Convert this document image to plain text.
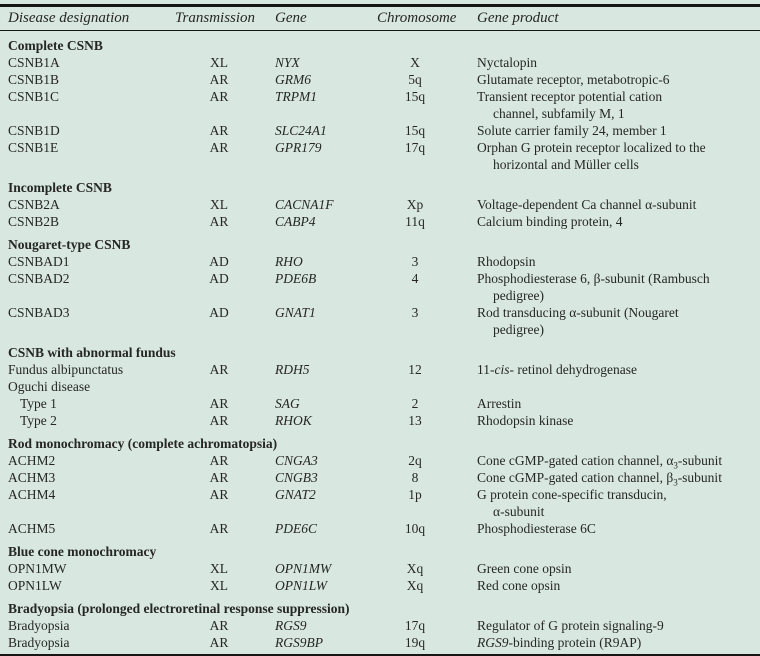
Disease designation	Transmission	Gene	Chromosome	Gene product
Complete CSNB
CSNB1A	XL	NYX	X	Nyctalopin
CSNB1B	AR	GRM6	5q	Glutamate receptor, metabotropic-6
CSNB1C	AR	TRPM1	15q	Transient receptor potential cation
channel, subfamily M, 1
CSNB1D	AR	SLC24A1	15q	Solute carrier family 24, member 1
CSNB1E	AR	GPR179	17q	Orphan G protein receptor localized to the
horizontal and Müller cells
Incomplete CSNB
CSNB2A	XL	CACNA1F	Xp	Voltage-dependent Ca channel α-subunit
CSNB2B	AR	CABP4	11q	Calcium binding protein, 4
Nougaret-type CSNB
CSNBAD1	AD	RHO	3	Rhodopsin
CSNBAD2	AD	PDE6B	4	Phosphodiesterase 6, β-subunit (Rambusch
pedigree)
CSNBAD3	AD	GNAT1	3	Rod transducing α-subunit (Nougaret
pedigree)
CSNB with abnormal fundus
Fundus albipunctatus	AR	RDH5	12	11-cis- retinol dehydrogenase
Oguchi disease
Type 1	AR	SAG	2	Arrestin
Type 2	AR	RHOK	13	Rhodopsin kinase
Rod monochromacy (complete achromatopsia)
ACHM2	AR	CNGA3	2q	Cone cGMP-gated cation channel, $\alpha_3$-subunit
ACHM3	AR	CNGB3	8	Cone cGMP-gated cation channel, $\beta_3$-subunit
ACHM4	AR	GNAT2	1p	G protein cone-specific transducin,
α-subunit
ACHM5	AR	PDE6C	10q	Phosphodiesterase 6C
Blue cone monochromacy
OPN1MW	XL	OPN1MW	Xq	Green cone opsin
OPN1LW	XL	OPN1LW	Xq	Red cone opsin
Bradyopsia (prolonged electroretinal response suppression)
Bradyopsia	AR	RGS9	17q	Regulator of G protein signaling-9
Bradyopsia	AR	RGS9BP	19q	RGS9-binding protein (R9AP)
